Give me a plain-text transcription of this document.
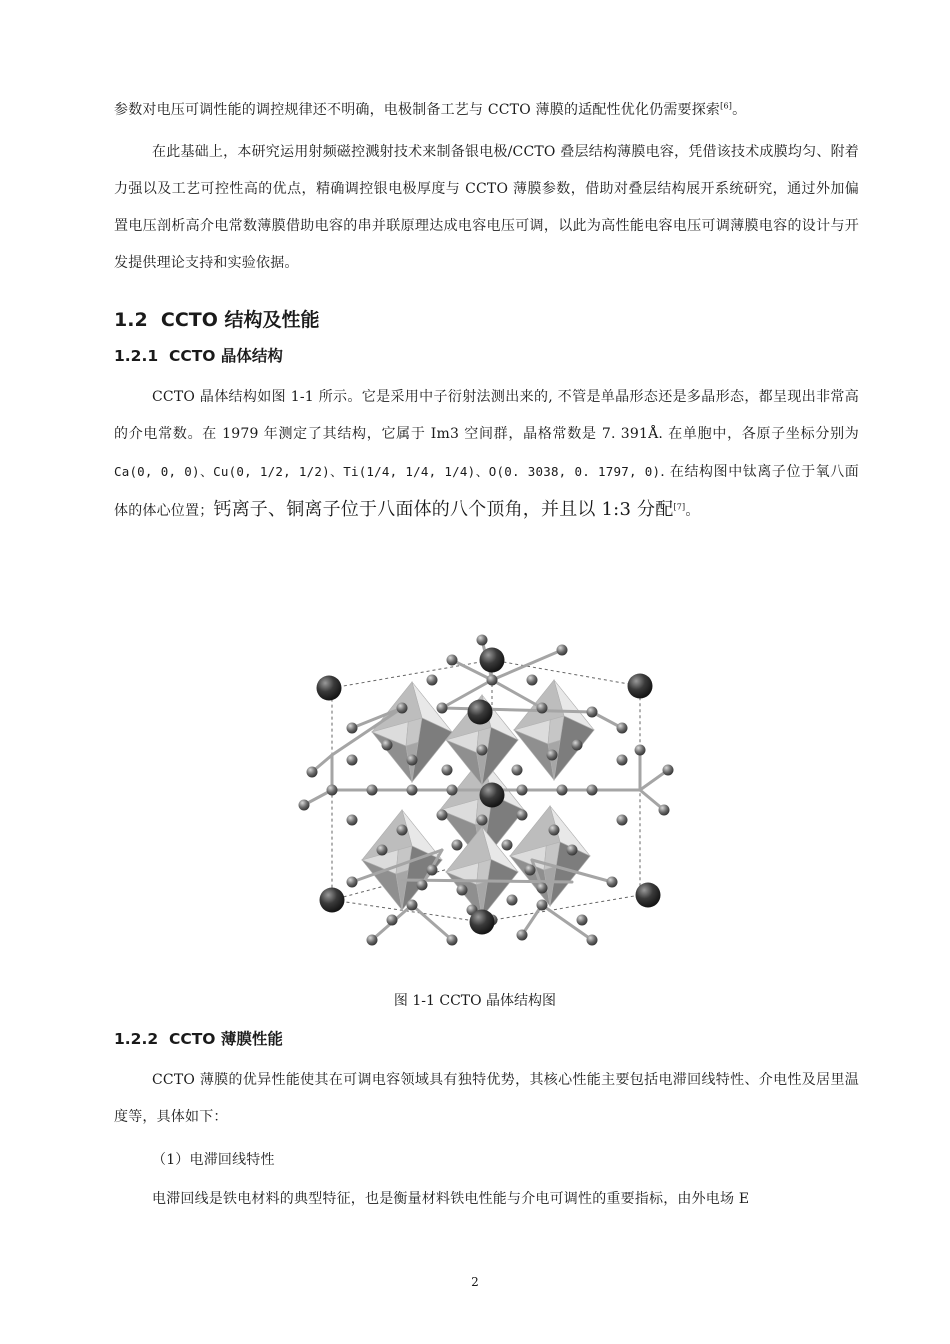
参数对电压可调性能的调控规律还不明确，电极制备工艺与 CCTO 薄膜的适配性优化仍需要探索[6]。

在此基础上，本研究运用射频磁控溅射技术来制备银电极/CCTO 叠层结构薄膜电容，凭借该技术成膜均匀、附着力强以及工艺可控性高的优点，精确调控银电极厚度与 CCTO 薄膜参数，借助对叠层结构展开系统研究，通过外加偏置电压剖析高介电常数薄膜借助电容的串并联原理达成电容电压可调，以此为高性能电容电压可调薄膜电容的设计与开发提供理论支持和实验依据。

1.2 CCTO 结构及性能
1.2.1 CCTO 晶体结构

CCTO 晶体结构如图 1-1 所示。它是采用中子衍射法测出来的, 不管是单晶形态还是多晶形态，都呈现出非常高的介电常数。在 1979 年测定了其结构，它属于 Im3 空间群，晶格常数是 7. 391Å. 在单胞中，各原子坐标分别为Ca(0, 0, 0)、Cu(0, 1/2, 1/2)、Ti(1/4, 1/4, 1/4)、O(0. 3038, 0. 1797, 0). 在结构图中钛离子位于氧八面体的体心位置；钙离子、铜离子位于八面体的八个顶角，并且以 1:3 分配[7]。

图 1-1 CCTO 晶体结构图

1.2.2 CCTO 薄膜性能

CCTO 薄膜的优异性能使其在可调电容领域具有独特优势，其核心性能主要包括电滞回线特性、介电性及居里温度等，具体如下：

（1）电滞回线特性

电滞回线是铁电材料的典型特征，也是衡量材料铁电性能与介电可调性的重要指标，由外电场 E

2
